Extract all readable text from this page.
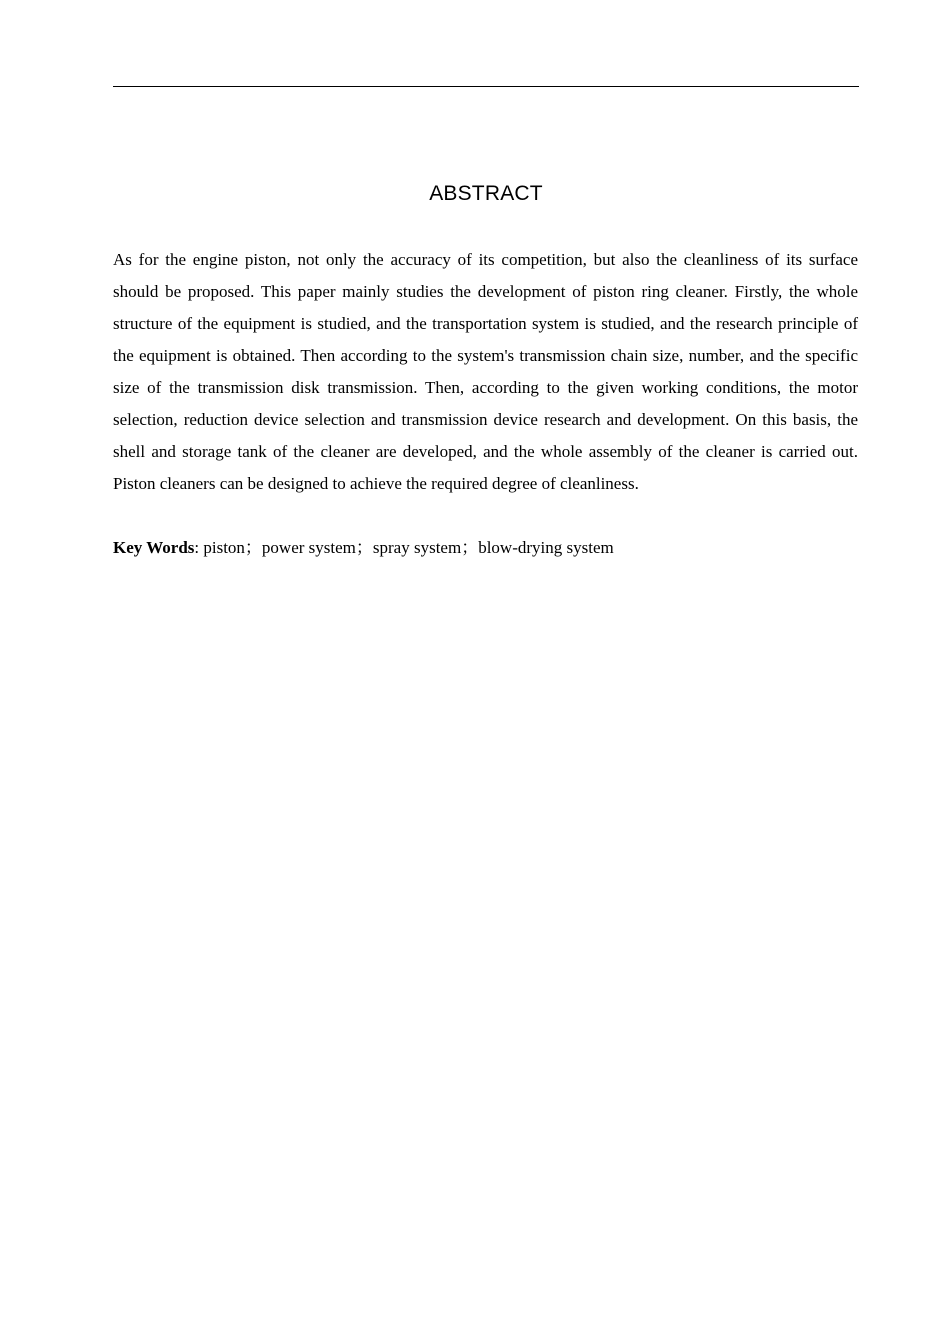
ABSTRACT

As for the engine piston, not only the accuracy of its competition, but also the cleanliness of its surface should be proposed. This paper mainly studies the development of piston ring cleaner. Firstly, the whole structure of the equipment is studied, and the transportation system is studied, and the research principle of the equipment is obtained. Then according to the system's transmission chain size, number, and the specific size of the transmission disk transmission. Then, according to the given working conditions, the motor selection, reduction device selection and transmission device research and development. On this basis, the shell and storage tank of the cleaner are developed, and the whole assembly of the cleaner is carried out. Piston cleaners can be designed to achieve the required degree of cleanliness.

Key Words: piston；power system；spray system；blow-drying system
